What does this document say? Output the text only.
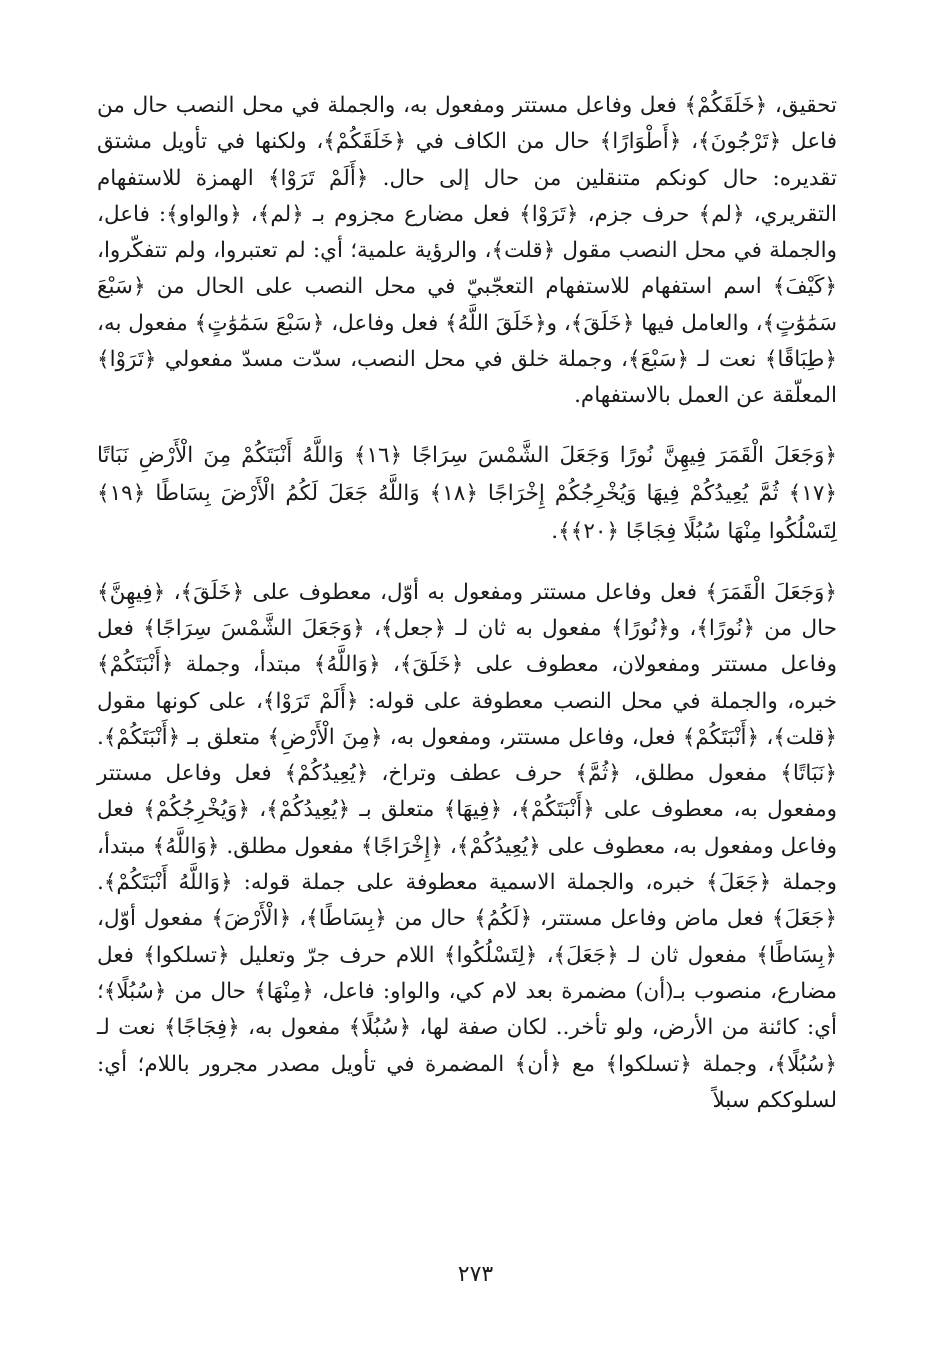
تحقيق، ﴿خَلَقَكُمْ﴾ فعل وفاعل مستتر ومفعول به، والجملة في محل النصب حال من فاعل ﴿تَرْجُونَ﴾، ﴿أَطْوَارًا﴾ حال من الكاف في ﴿خَلَقَكُمْ﴾، ولكنها في تأويل مشتق تقديره: حال كونكم متنقلين من حال إلى حال. ﴿أَلَمْ تَرَوْا﴾ الهمزة للاستفهام التقريري، ﴿لم﴾ حرف جزم، ﴿تَرَوْا﴾ فعل مضارع مجزوم بـ ﴿لم﴾، ﴿والواو﴾: فاعل، والجملة في محل النصب مقول ﴿قلت﴾، والرؤية علمية؛ أي: لم تعتبروا، ولم تتفكّروا، ﴿كَيْفَ﴾ اسم استفهام للاستفهام التعجّبيّ في محل النصب على الحال من ﴿سَبْعَ سَمَٰوَٰتٍ﴾، والعامل فيها ﴿خَلَقَ﴾، و﴿خَلَقَ اللَّهُ﴾ فعل وفاعل، ﴿سَبْعَ سَمَٰوَٰتٍ﴾ مفعول به، ﴿طِبَاقًا﴾ نعت لـ ﴿سَبْعَ﴾، وجملة خلق في محل النصب، سدّت مسدّ مفعولي ﴿تَرَوْا﴾ المعلّقة عن العمل بالاستفهام.

﴿وَجَعَلَ الْقَمَرَ فِيهِنَّ نُورًا وَجَعَلَ الشَّمْسَ سِرَاجًا ﴿١٦﴾ وَاللَّهُ أَنْبَتَكُمْ مِنَ الْأَرْضِ نَبَاتًا ﴿١٧﴾ ثُمَّ يُعِيدُكُمْ فِيهَا وَيُخْرِجُكُمْ إِخْرَاجًا ﴿١٨﴾ وَاللَّهُ جَعَلَ لَكُمُ الْأَرْضَ بِسَاطًا ﴿١٩﴾ لِتَسْلُكُوا مِنْهَا سُبُلًا فِجَاجًا ﴿٢٠﴾﴾.

﴿وَجَعَلَ الْقَمَرَ﴾ فعل وفاعل مستتر ومفعول به أوّل، معطوف على ﴿خَلَقَ﴾، ﴿فِيهِنَّ﴾ حال من ﴿نُورًا﴾، و﴿نُورًا﴾ مفعول به ثان لـ ﴿جعل﴾، ﴿وَجَعَلَ الشَّمْسَ سِرَاجًا﴾ فعل وفاعل مستتر ومفعولان، معطوف على ﴿خَلَقَ﴾، ﴿وَاللَّهُ﴾ مبتدأ، وجملة ﴿أَنْبَتَكُمْ﴾ خبره، والجملة في محل النصب معطوفة على قوله: ﴿أَلَمْ تَرَوْا﴾، على كونها مقول ﴿قلت﴾، ﴿أَنْبَتَكُمْ﴾ فعل، وفاعل مستتر، ومفعول به، ﴿مِنَ الْأَرْضِ﴾ متعلق بـ ﴿أَنْبَتَكُمْ﴾. ﴿نَبَاتًا﴾ مفعول مطلق، ﴿ثُمَّ﴾ حرف عطف وتراخ، ﴿يُعِيدُكُمْ﴾ فعل وفاعل مستتر ومفعول به، معطوف على ﴿أَنْبَتَكُمْ﴾، ﴿فِيهَا﴾ متعلق بـ ﴿يُعِيدُكُمْ﴾، ﴿وَيُخْرِجُكُمْ﴾ فعل وفاعل ومفعول به، معطوف على ﴿يُعِيدُكُمْ﴾، ﴿إِخْرَاجًا﴾ مفعول مطلق. ﴿وَاللَّهُ﴾ مبتدأ، وجملة ﴿جَعَلَ﴾ خبره، والجملة الاسمية معطوفة على جملة قوله: ﴿وَاللَّهُ أَنْبَتَكُمْ﴾. ﴿جَعَلَ﴾ فعل ماض وفاعل مستتر، ﴿لَكُمُ﴾ حال من ﴿بِسَاطًا﴾، ﴿الْأَرْضَ﴾ مفعول أوّل، ﴿بِسَاطًا﴾ مفعول ثان لـ ﴿جَعَلَ﴾، ﴿لِتَسْلُكُوا﴾ اللام حرف جرّ وتعليل ﴿تسلكوا﴾ فعل مضارع، منصوب بـ(أن) مضمرة بعد لام كي، والواو: فاعل، ﴿مِنْهَا﴾ حال من ﴿سُبُلًا﴾؛ أي: كائنة من الأرض، ولو تأخر.. لكان صفة لها، ﴿سُبُلًا﴾ مفعول به، ﴿فِجَاجًا﴾ نعت لـ ﴿سُبُلًا﴾، وجملة ﴿تسلكوا﴾ مع ﴿أن﴾ المضمرة في تأويل مصدر مجرور باللام؛ أي: لسلوككم سبلاً

٢٧٣
